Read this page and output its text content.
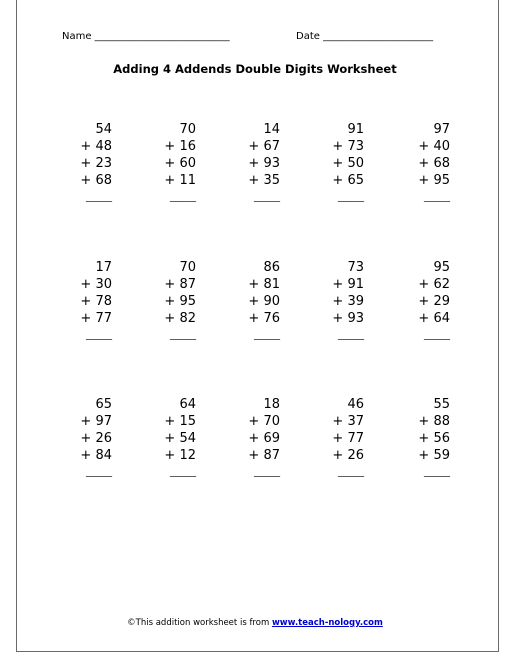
Name ___________________________	Date ______________________
Adding 4 Addends Double Digits Worksheet
54
+ 48
+ 23
+ 68
____
70
+ 16
+ 60
+ 11
____
14
+ 67
+ 93
+ 35
____
91
+ 73
+ 50
+ 65
____
97
+ 40
+ 68
+ 95
____
17
+ 30
+ 78
+ 77
____
70
+ 87
+ 95
+ 82
____
86
+ 81
+ 90
+ 76
____
73
+ 91
+ 39
+ 93
____
95
+ 62
+ 29
+ 64
____
65
+ 97
+ 26
+ 84
____
64
+ 15
+ 54
+ 12
____
18
+ 70
+ 69
+ 87
____
46
+ 37
+ 77
+ 26
____
55
+ 88
+ 56
+ 59
____
©This addition worksheet is from www.teach-nology.com
